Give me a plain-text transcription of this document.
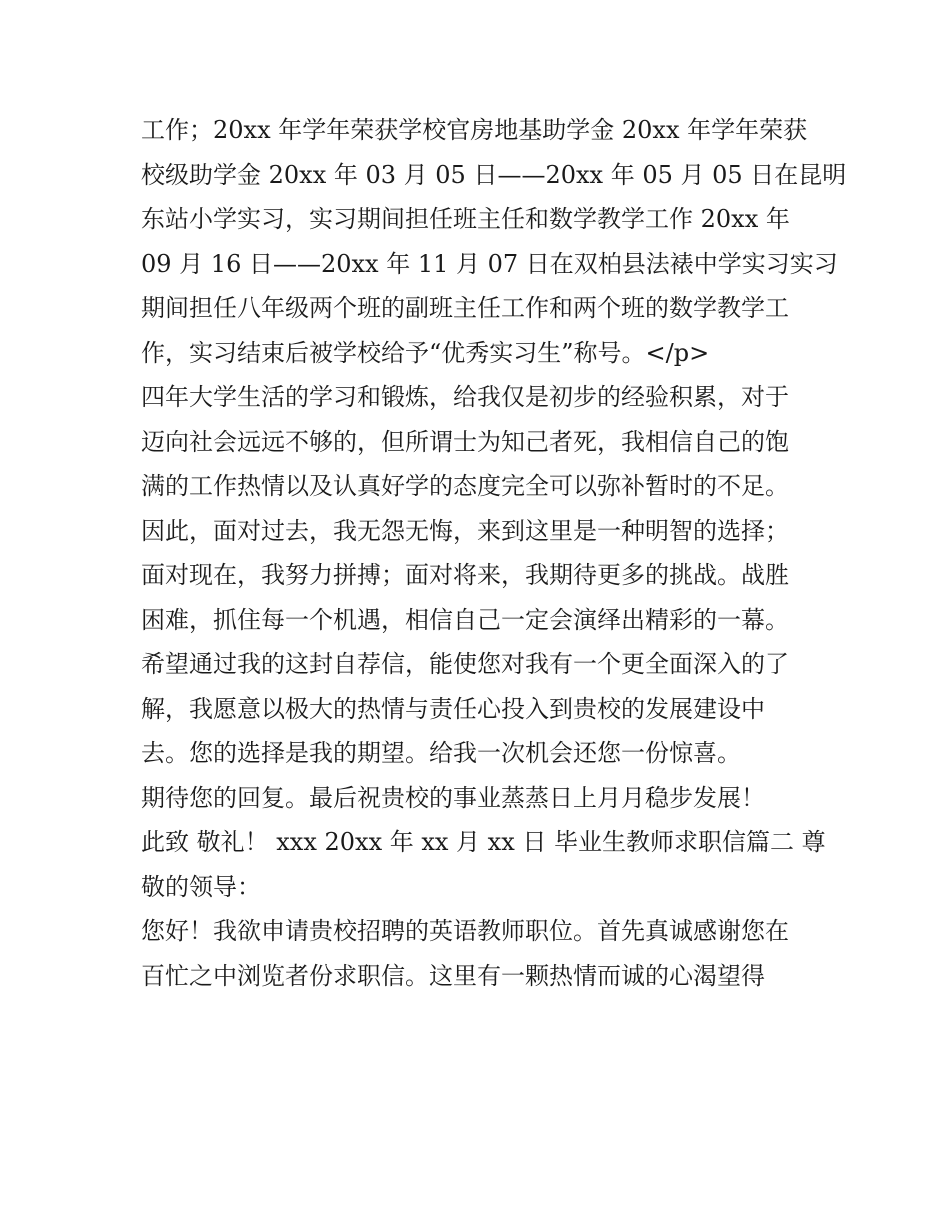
工作；20xx 年学年荣获学校官房地基助学金 20xx 年学年荣获
校级助学金 20xx 年 03 月 05 日——20xx 年 05 月 05 日在昆明
东站小学实习，实习期间担任班主任和数学教学工作 20xx 年
09 月 16 日——20xx 年 11 月 07 日在双柏县法裱中学实习实习
期间担任八年级两个班的副班主任工作和两个班的数学教学工
作，实习结束后被学校给予“优秀实习生”称号。</p>
四年大学生活的学习和锻炼，给我仅是初步的经验积累，对于
迈向社会远远不够的，但所谓士为知己者死，我相信自己的饱
满的工作热情以及认真好学的态度完全可以弥补暂时的不足。
因此，面对过去，我无怨无悔，来到这里是一种明智的选择；
面对现在，我努力拼搏；面对将来，我期待更多的挑战。战胜
困难，抓住每一个机遇，相信自己一定会演绎出精彩的一幕。
希望通过我的这封自荐信，能使您对我有一个更全面深入的了
解，我愿意以极大的热情与责任心投入到贵校的发展建设中
去。您的选择是我的期望。给我一次机会还您一份惊喜。
期待您的回复。最后祝贵校的事业蒸蒸日上月月稳步发展！
此致 敬礼！ xxx 20xx 年 xx 月 xx 日 毕业生教师求职信篇二 尊
敬的领导：
您好！我欲申请贵校招聘的英语教师职位。首先真诚感谢您在
百忙之中浏览者份求职信。这里有一颗热情而诚的心渴望得
